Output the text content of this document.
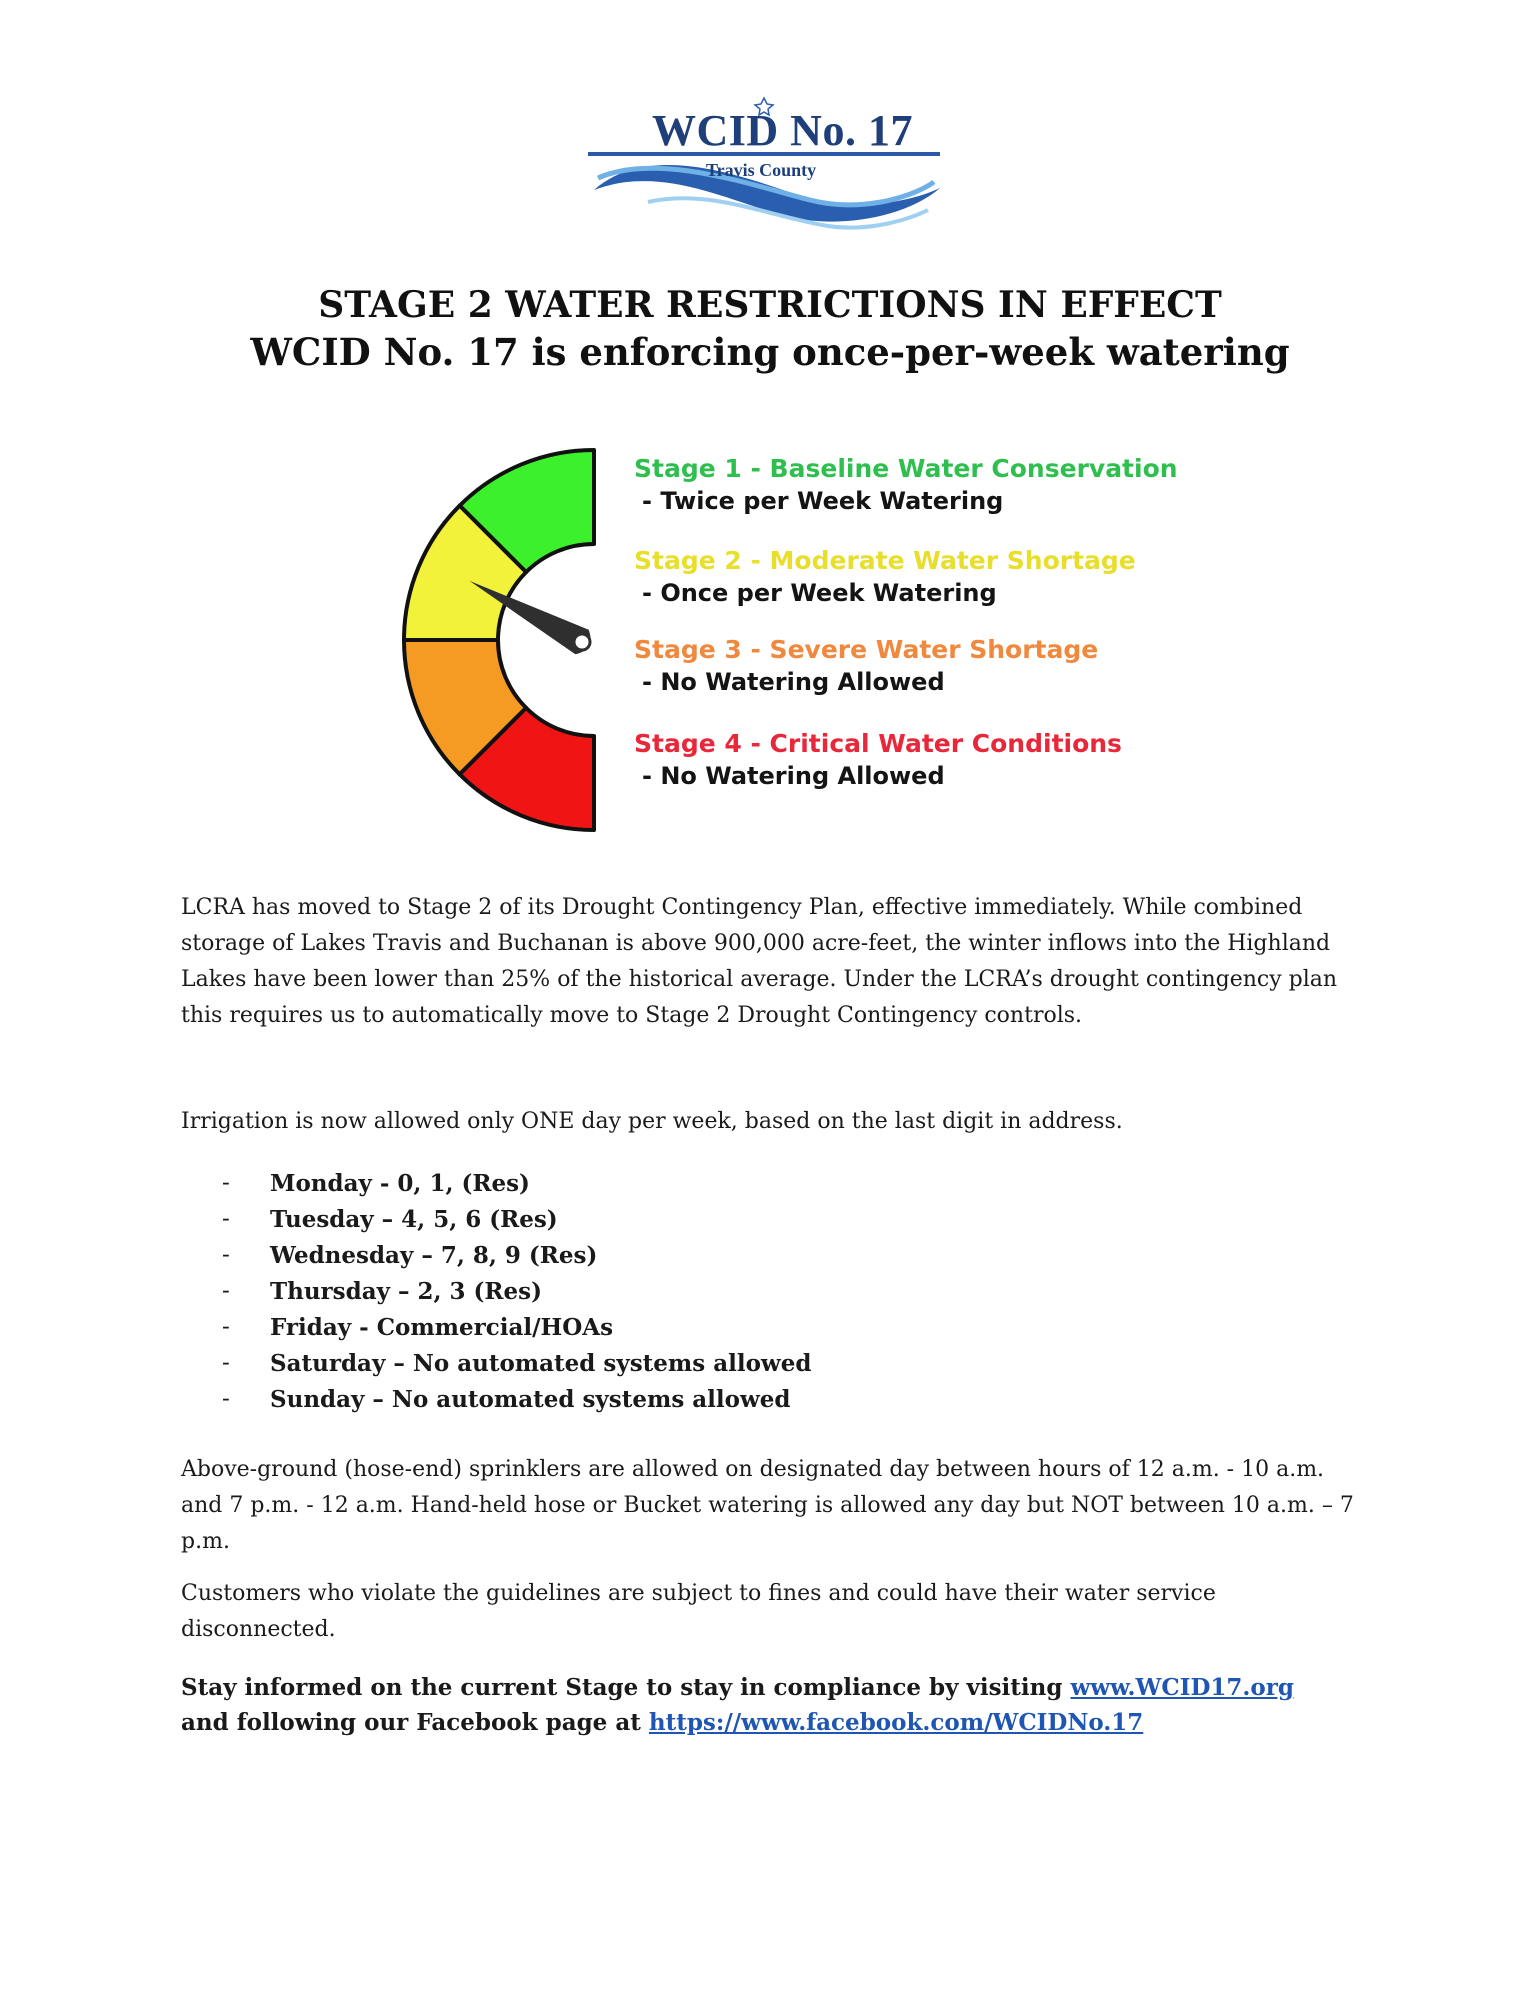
WCID No. 17
Travis County
STAGE 2 WATER RESTRICTIONS IN EFFECT
WCID No. 17 is enforcing once-per-week watering
Stage 1 - Baseline Water Conservation
- Twice per Week Watering
Stage 2 - Moderate Water Shortage
- Once per Week Watering
Stage 3 - Severe Water Shortage
- No Watering Allowed
Stage 4 - Critical Water Conditions
- No Watering Allowed
LCRA has moved to Stage 2 of its Drought Contingency Plan, effective immediately. While combined storage of Lakes Travis and Buchanan is above 900,000 acre-feet, the winter inflows into the Highland Lakes have been lower than 25% of the historical average. Under the LCRA’s drought contingency plan this requires us to automatically move to Stage 2 Drought Contingency controls.
Irrigation is now allowed only ONE day per week, based on the last digit in address.
- Monday - 0, 1, (Res)
- Tuesday – 4, 5, 6 (Res)
- Wednesday – 7, 8, 9 (Res)
- Thursday – 2, 3 (Res)
- Friday - Commercial/HOAs
- Saturday – No automated systems allowed
- Sunday – No automated systems allowed
Above-ground (hose-end) sprinklers are allowed on designated day between hours of 12 a.m. - 10 a.m. and 7 p.m. - 12 a.m. Hand-held hose or Bucket watering is allowed any day but NOT between 10 a.m. – 7 p.m.
Customers who violate the guidelines are subject to fines and could have their water service disconnected.
Stay informed on the current Stage to stay in compliance by visiting www.WCID17.org
and following our Facebook page at https://www.facebook.com/WCIDNo.17
